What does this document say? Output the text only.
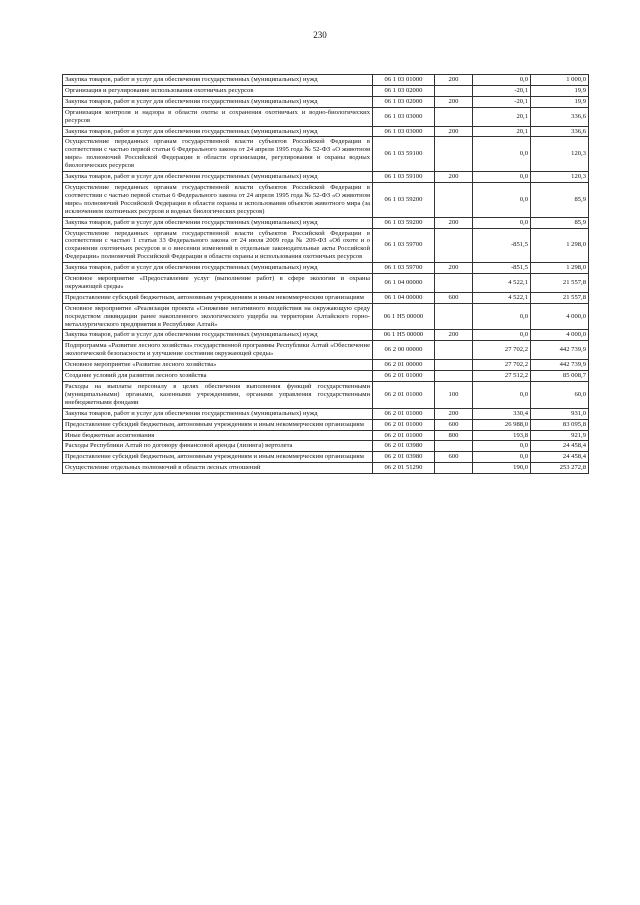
230
Закупка товаров, работ и услуг для обеспечения государственных (муниципальных) нужд	06 1 03 01000	200	0,0	1 000,0
Организация и регулирование использования охотничьих ресурсов	06 1 03 02000		-20,1	19,9
Закупка товаров, работ и услуг для обеспечения государственных (муниципальных) нужд	06 1 03 02000	200	-20,1	19,9
Организация контроля и надзора в области охоты и сохранения охотничьих и водно-биологических ресурсов	06 1 03 03000		20,1	336,6
Закупка товаров, работ и услуг для обеспечения государственных (муниципальных) нужд	06 1 03 03000	200	20,1	336,6
Осуществление переданных органам государственной власти субъектов Российской Федерации в соответствии с частью первой статьи 6 Федерального закона от 24 апреля 1995 года № 52-ФЗ «О животном мире» полномочий Российской Федерации в области организации, регулирования и охраны водных биологических ресурсов	06 1 03 59100		0,0	120,3
Закупка товаров, работ и услуг для обеспечения государственных (муниципальных) нужд	06 1 03 59100	200	0,0	120,3
Осуществление переданных органам государственной власти субъектов Российской Федерации в соответствии с частью первой статьи 6 Федерального закона от 24 апреля 1995 года № 52-ФЗ «О животном мире» полномочий Российской Федерации в области охраны и использования объектов животного мира (за исключением охотничьих ресурсов и водных биологических ресурсов)	06 1 03 59200		0,0	85,9
Закупка товаров, работ и услуг для обеспечения государственных (муниципальных) нужд	06 1 03 59200	200	0,0	85,9
Осуществление переданных органам государственной власти субъектов Российской Федерации в соответствии с частью 1 статьи 33 Федерального закона от 24 июля 2009 года № 209-ФЗ «Об охоте и о сохранении охотничьих ресурсов и о внесении изменений в отдельные законодательные акты Российской Федерации» полномочий Российской Федерации в области охраны и использования охотничьих ресурсов	06 1 03 59700		-851,5	1 298,0
Закупка товаров, работ и услуг для обеспечения государственных (муниципальных) нужд	06 1 03 59700	200	-851,5	1 298,0
Основное мероприятие «Предоставление услуг (выполнение работ) в сфере экологии и охраны окружающей среды»	06 1 04 00000		4 522,1	21 557,8
Предоставление субсидий бюджетным, автономным учреждениям и иным некоммерческим организациям	06 1 04 00000	600	4 522,1	21 557,8
Основное мероприятие «Реализация проекта «Снижение негативного воздействия на окружающую среду посредством ликвидации ранее накопленного экологического ущерба на территории Алтайского горно-металлургического предприятия в Республике Алтай»	06 1 H5 00000		0,0	4 000,0
Закупка товаров, работ и услуг для обеспечения государственных (муниципальных) нужд	06 1 H5 00000	200	0,0	4 000,0
Подпрограмма «Развитие лесного хозяйства» государственной программы Республики Алтай «Обеспечение экологической безопасности и улучшение состояния окружающей среды»	06 2 00 00000		27 702,2	442 739,9
Основное мероприятие «Развитие лесного хозяйства»	06 2 01 00000		27 702,2	442 739,9
Создание условий для развития лесного хозяйства	06 2 01 01000		27 512,2	85 008,7
Расходы на выплаты персоналу в целях обеспечения выполнения функций государственными (муниципальными) органами, казенными учреждениями, органами управления государственными внебюджетными фондами	06 2 01 01000	100	0,0	60,0
Закупка товаров, работ и услуг для обеспечения государственных (муниципальных) нужд	06 2 01 01000	200	330,4	931,0
Предоставление субсидий бюджетным, автономным учреждениям и иным некоммерческим организациям	06 2 01 01000	600	26 988,0	83 095,8
Иные бюджетные ассигнования	06 2 01 01000	800	193,8	921,9
Расходы Республики Алтай по договору финансовой аренды (лизинга) вертолета	06 2 01 03980		0,0	24 458,4
Предоставление субсидий бюджетным, автономным учреждениям и иным некоммерческим организациям	06 2 01 03980	600	0,0	24 458,4
Осуществление отдельных полномочий в области лесных отношений	06 2 01 51290		190,0	253 272,8
